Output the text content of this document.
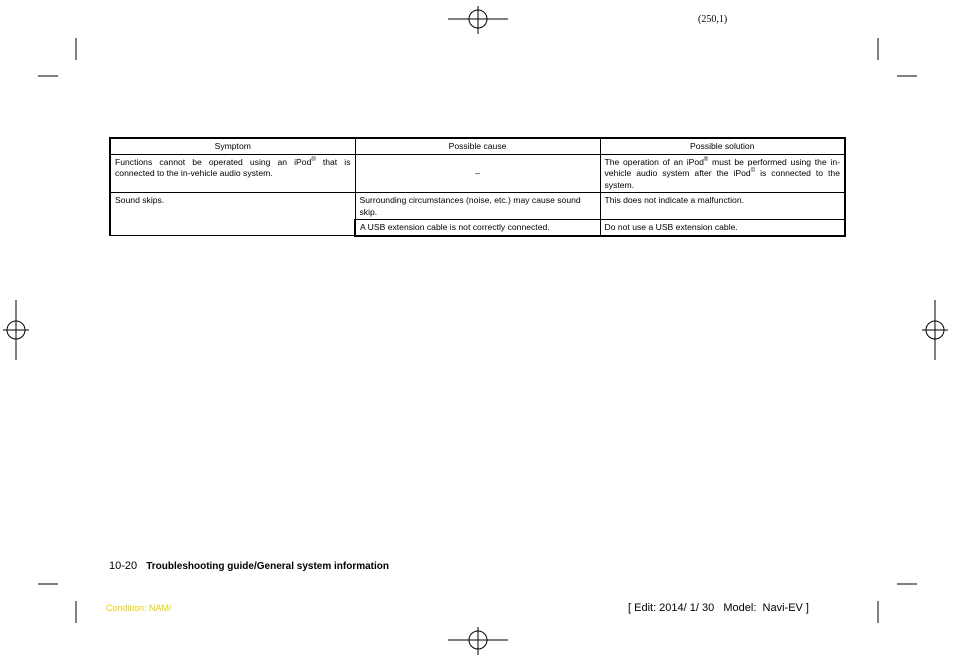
(250,1)
Symptom	Possible cause	Possible solution
Functions cannot be operated using an iPod® that is connected to the in-vehicle audio system.	–	The operation of an iPod® must be performed using the in-vehicle audio system after the iPod© is connected to the system.
Sound skips.	Surrounding circumstances (noise, etc.) may cause sound skip.	This does not indicate a malfunction.
	A USB extension cable is not correctly connected.	Do not use a USB extension cable.
10-20 Troubleshooting guide/General system information
Condition: NAM/	[ Edit: 2014/ 1/ 30   Model:  Navi-EV ]
